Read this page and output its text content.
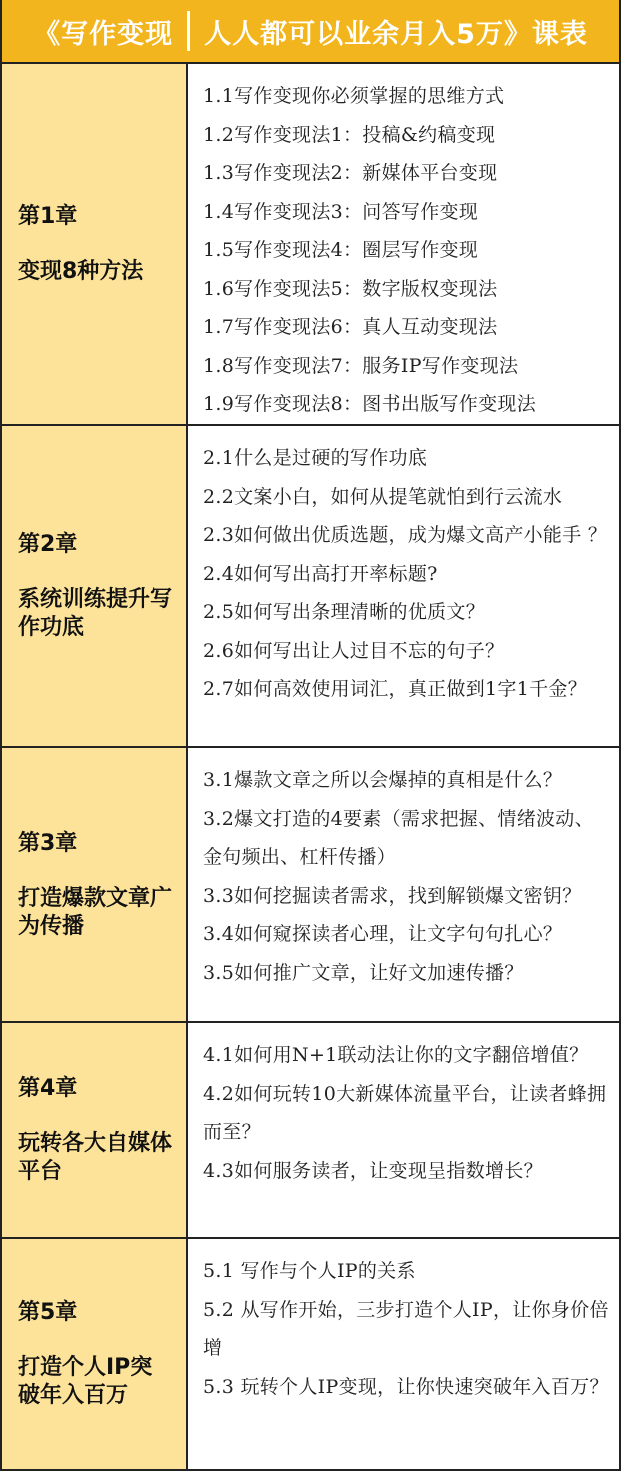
《写作变现 人人都可以业余月入5万》课表
第1章
变现8种方法
1.1写作变现你必须掌握的思维方式
1.2写作变现法1：投稿&约稿变现
1.3写作变现法2：新媒体平台变现
1.4写作变现法3：问答写作变现
1.5写作变现法4：圈层写作变现
1.6写作变现法5：数字版权变现法
1.7写作变现法6：真人互动变现法
1.8写作变现法7：服务IP写作变现法
1.9写作变现法8：图书出版写作变现法
第2章
系统训练提升写作功底
2.1什么是过硬的写作功底
2.2文案小白，如何从提笔就怕到行云流水
2.3如何做出优质选题，成为爆文高产小能手 ？
2.4如何写出高打开率标题?
2.5如何写出条理清晰的优质文？
2.6如何写出让人过目不忘的句子？
2.7如何高效使用词汇，真正做到1字1千金？
第3章
打造爆款文章广为传播
3.1爆款文章之所以会爆掉的真相是什么？
3.2爆文打造的4要素（需求把握、情绪波动、金句频出、杠杆传播）
3.3如何挖掘读者需求，找到解锁爆文密钥？
3.4如何窥探读者心理，让文字句句扎心？
3.5如何推广文章，让好文加速传播？
第4章
玩转各大自媒体平台
4.1如何用N+1联动法让你的文字翻倍增值？
4.2如何玩转10大新媒体流量平台，让读者蜂拥而至？
4.3如何服务读者，让变现呈指数增长？
第5章
打造个人IP突破年入百万
5.1 写作与个人IP的关系
5.2 从写作开始，三步打造个人IP，让你身价倍增
5.3 玩转个人IP变现，让你快速突破年入百万？
